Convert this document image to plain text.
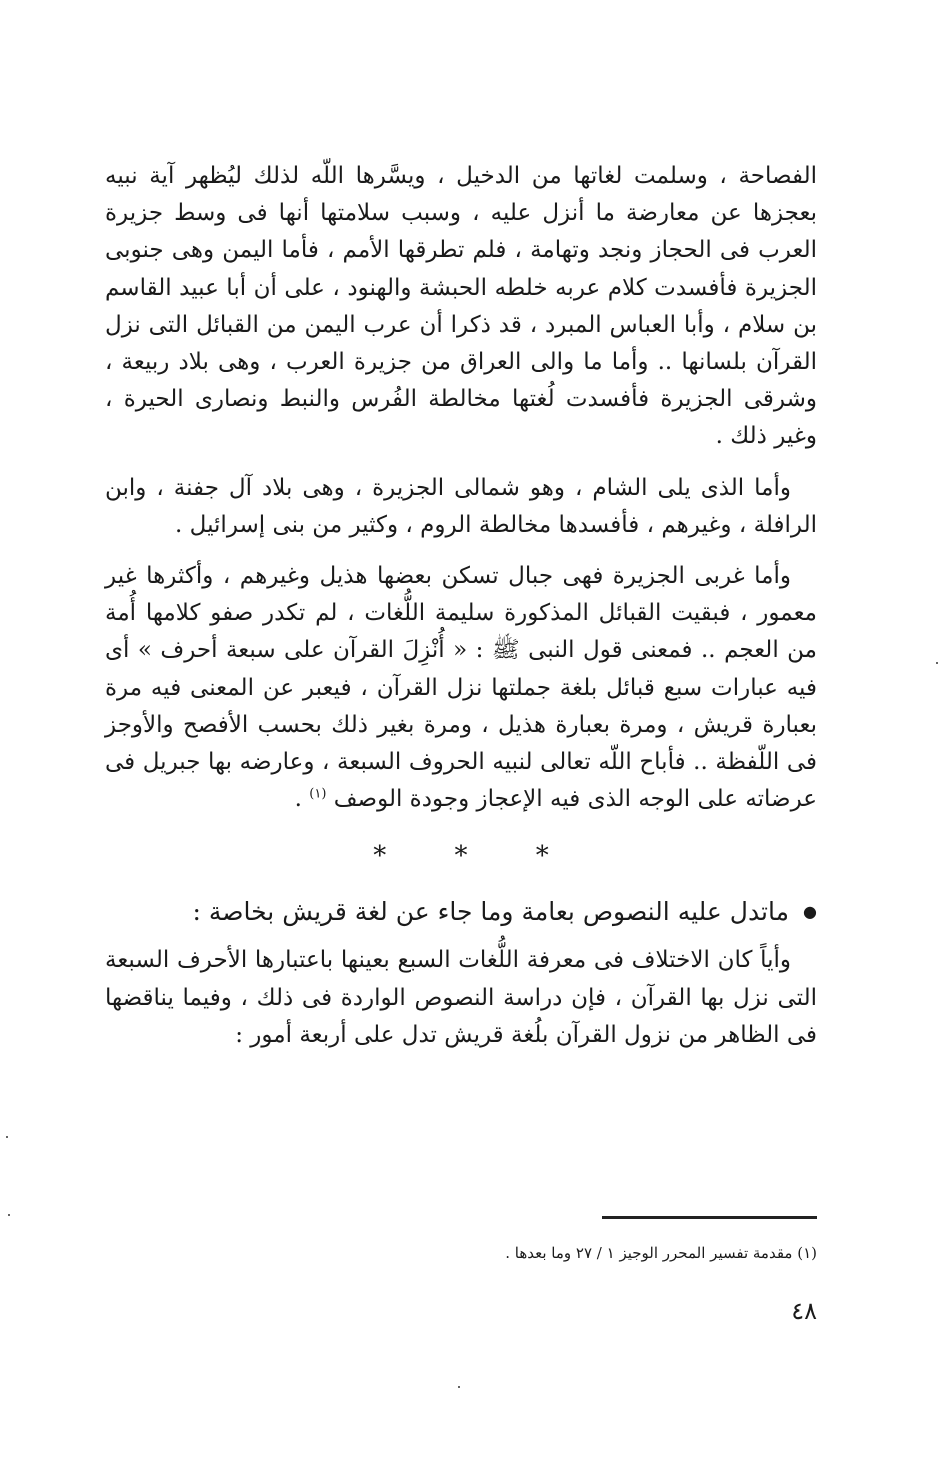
الفصاحة ، وسلمت لغاتها من الدخيل ، ويسَّرها اللّه لذلك ليُظهر آية نبيه بعجزها عن معارضة ما أنزل عليه ، وسبب سلامتها أنها فى وسط جزيرة العرب فى الحجاز ونجد وتهامة ، فلم تطرقها الأمم ، فأما اليمن وهى جنوبى الجزيرة فأفسدت كلام عربه خلطه الحبشة والهنود ، على أن أبا عبيد القاسم بن سلام ، وأبا العباس المبرد ، قد ذكرا أن عرب اليمن من القبائل التى نزل القرآن بلسانها .. وأما ما والى العراق من جزيرة العرب ، وهى بلاد ربيعة ، وشرقى الجزيرة فأفسدت لُغتها مخالطة الفُرس والنبط ونصارى الحيرة ، وغير ذلك .

وأما الذى يلى الشام ، وهو شمالى الجزيرة ، وهى بلاد آل جفنة ، وابن الرافلة ، وغيرهم ، فأفسدها مخالطة الروم ، وكثير من بنى إسرائيل .

وأما غربى الجزيرة فهى جبال تسكن بعضها هذيل وغيرهم ، وأكثرها غير معمور ، فبقيت القبائل المذكورة سليمة اللُّغات ، لم تكدر صفو كلامها أُمة من العجم .. فمعنى قول النبى ﷺ : « أُنْزِلَ القرآن على سبعة أحرف » أى فيه عبارات سبع قبائل بلغة جملتها نزل القرآن ، فيعبر عن المعنى فيه مرة بعبارة قريش ، ومرة بعبارة هذيل ، ومرة بغير ذلك بحسب الأفصح والأوجز فى اللّفظة .. فأباح اللّه تعالى لنبيه الحروف السبعة ، وعارضه بها جبريل فى عرضاته على الوجه الذى فيه الإعجاز وجودة الوصف $^{(١)}$ .

*	*	*
●ماتدل عليه النصوص بعامة وما جاء عن لغة قريش بخاصة :

وأياً كان الاختلاف فى معرفة اللُّغات السبع بعينها باعتبارها الأحرف السبعة التى نزل بها القرآن ، فإن دراسة النصوص الواردة فى ذلك ، وفيما يناقضها فى الظاهر من نزول القرآن بلُغة قريش تدل على أربعة أمور :

(١) مقدمة تفسير المحرر الوجيز ١ / ٢٧ وما بعدها .
٤٨
